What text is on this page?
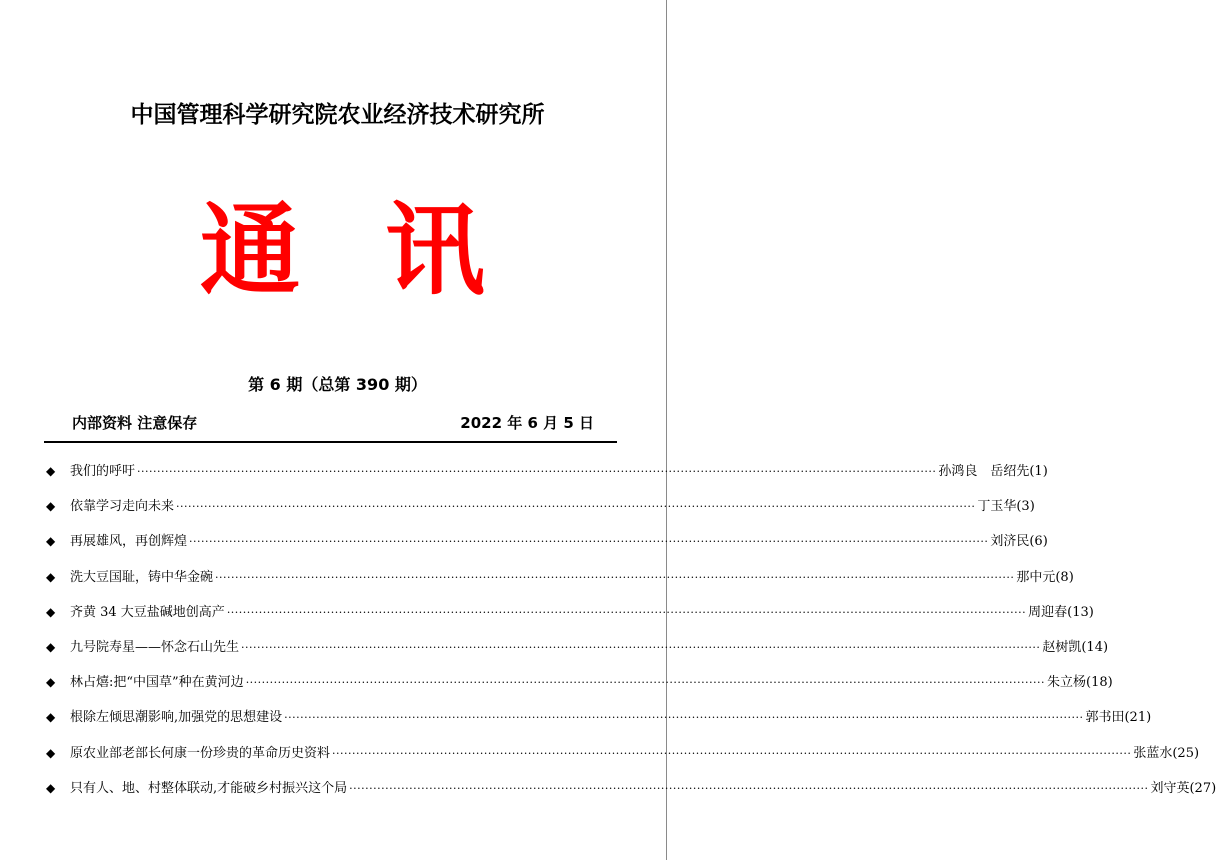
中国管理科学研究院农业经济技术研究所
通 讯
第 6 期（总第 390 期）
内部资料 注意保存	2022 年 6 月 5 日
◆	我们的呼吁 ········································································································································································································ 孙鸿良　岳绍先 (1)
◆	依靠学习走向未来 ········································································································································································································ 丁玉华 (3)
◆	再展雄风，再创辉煌 ········································································································································································································ 刘济民 (6)
◆	洗大豆国耻，铸中华金碗 ········································································································································································································ 那中元 (8)
◆	齐黄 34 大豆盐碱地创高产 ········································································································································································································ 周迎春 (13)
◆	九号院寿星——怀念石山先生 ········································································································································································································ 赵树凯 (14)
◆	林占熺:把“中国草”种在黄河边 ········································································································································································································ 朱立杨 (18)
◆	根除左倾思潮影响,加强党的思想建设 ········································································································································································································ 郭书田 (21)
◆	原农业部老部长何康一份珍贵的革命历史资料 ········································································································································································································ 张蓝水 (25)
◆	只有人、地、村整体联动,才能破乡村振兴这个局 ········································································································································································································ 刘守英 (27)
